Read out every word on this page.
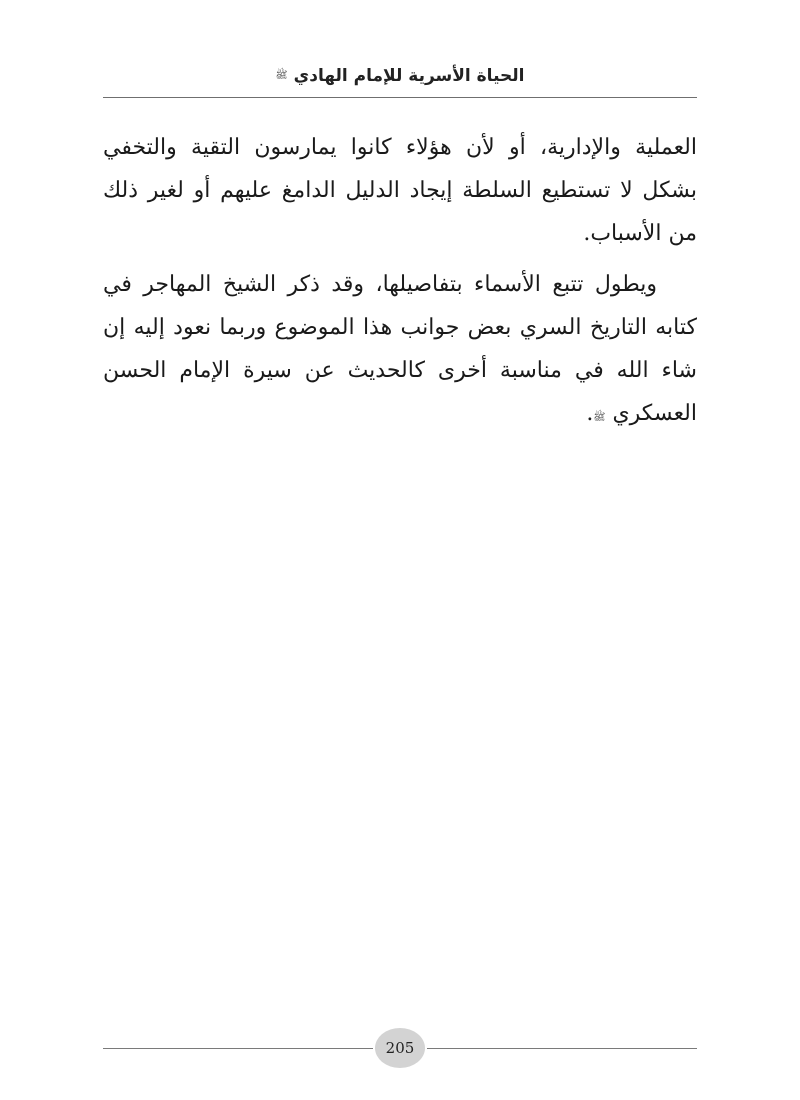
الحياة الأسرية للإمام الهادي
ﷺ

العملية والإدارية، أو لأن هؤلاء كانوا يمارسون التقية والتخفي بشكل لا تستطيع السلطة إيجاد الدليل الدامغ عليهم أو لغير ذلك من الأسباب.

ويطول تتبع الأسماء بتفاصيلها، وقد ذكر الشيخ المهاجر في كتابه التاريخ السري بعض جوانب هذا الموضوع وربما نعود إليه إن شاء الله في مناسبة أخرى كالحديث عن سيرة الإمام الحسن العسكري ﷺ.

205
